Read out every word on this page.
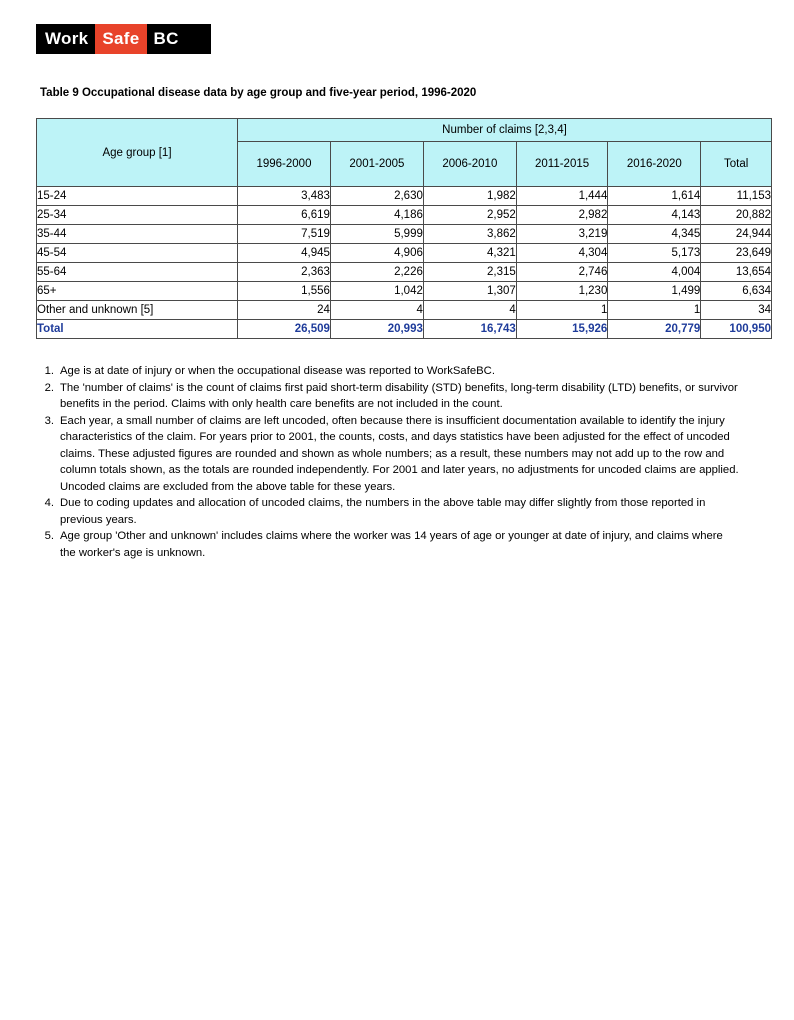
Work Safe BC
Table 9 Occupational disease data by age group and five-year period, 1996-2020
Age group [1]	Number of claims [2,3,4]					
	1996-2000	2001-2005	2006-2010	2011-2015	2016-2020	Total
15-24	3,483	2,630	1,982	1,444	1,614	11,153
25-34	6,619	4,186	2,952	2,982	4,143	20,882
35-44	7,519	5,999	3,862	3,219	4,345	24,944
45-54	4,945	4,906	4,321	4,304	5,173	23,649
55-64	2,363	2,226	2,315	2,746	4,004	13,654
65+	1,556	1,042	1,307	1,230	1,499	6,634
Other and unknown [5]	24	4	4	1	1	34
Total	26,509	20,993	16,743	15,926	20,779	100,950
1. Age is at date of injury or when the occupational disease was reported to WorkSafeBC.
2. The 'number of claims' is the count of claims first paid short-term disability (STD) benefits, long-term disability (LTD) benefits, or survivor benefits in the period. Claims with only health care benefits are not included in the count.
3. Each year, a small number of claims are left uncoded, often because there is insufficient documentation available to identify the injury characteristics of the claim. For years prior to 2001, the counts, costs, and days statistics have been adjusted for the effect of uncoded claims. These adjusted figures are rounded and shown as whole numbers; as a result, these numbers may not add up to the row and column totals shown, as the totals are rounded independently. For 2001 and later years, no adjustments for uncoded claims are applied. Uncoded claims are excluded from the above table for these years.
4. Due to coding updates and allocation of uncoded claims, the numbers in the above table may differ slightly from those reported in previous years.
5. Age group 'Other and unknown' includes claims where the worker was 14 years of age or younger at date of injury, and claims where the worker's age is unknown.
